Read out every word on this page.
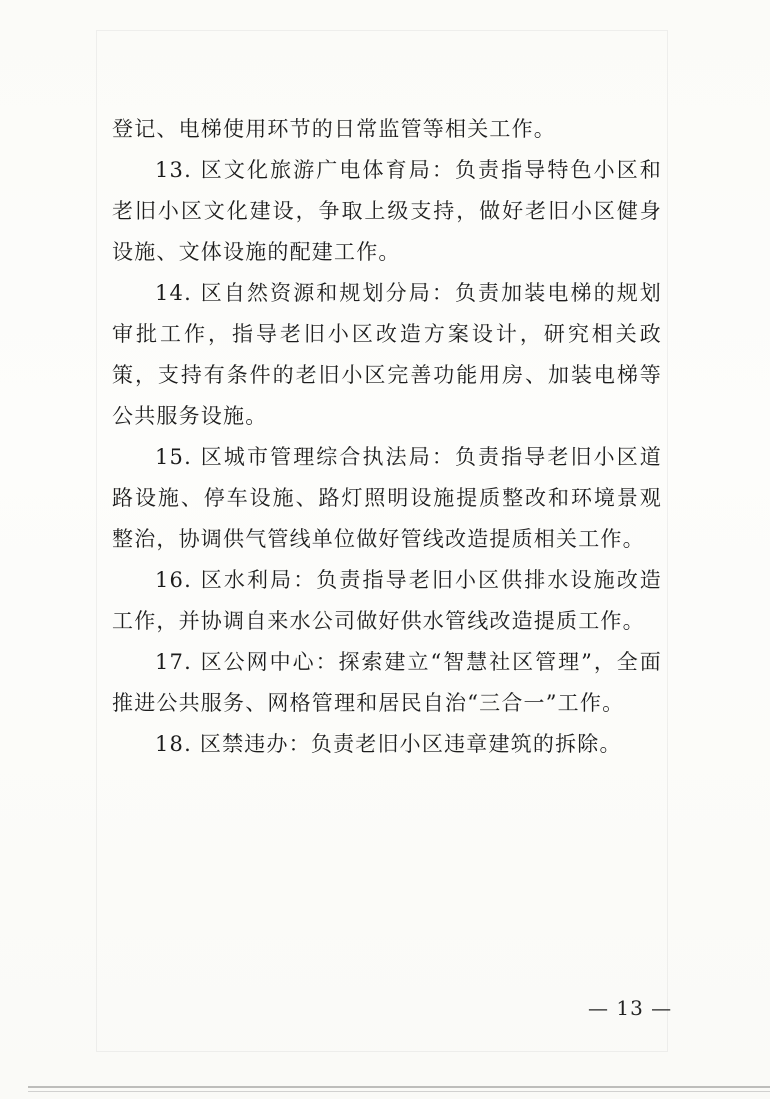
登记、电梯使用环节的日常监管等相关工作。

13. 区文化旅游广电体育局：负责指导特色小区和老旧小区文化建设，争取上级支持，做好老旧小区健身设施、文体设施的配建工作。

14. 区自然资源和规划分局：负责加装电梯的规划审批工作，指导老旧小区改造方案设计，研究相关政策，支持有条件的老旧小区完善功能用房、加装电梯等公共服务设施。

15. 区城市管理综合执法局：负责指导老旧小区道路设施、停车设施、路灯照明设施提质整改和环境景观整治，协调供气管线单位做好管线改造提质相关工作。

16. 区水利局：负责指导老旧小区供排水设施改造工作，并协调自来水公司做好供水管线改造提质工作。

17. 区公网中心：探索建立“智慧社区管理”，全面推进公共服务、网格管理和居民自治“三合一”工作。

18. 区禁违办：负责老旧小区违章建筑的拆除。

— 13 —
